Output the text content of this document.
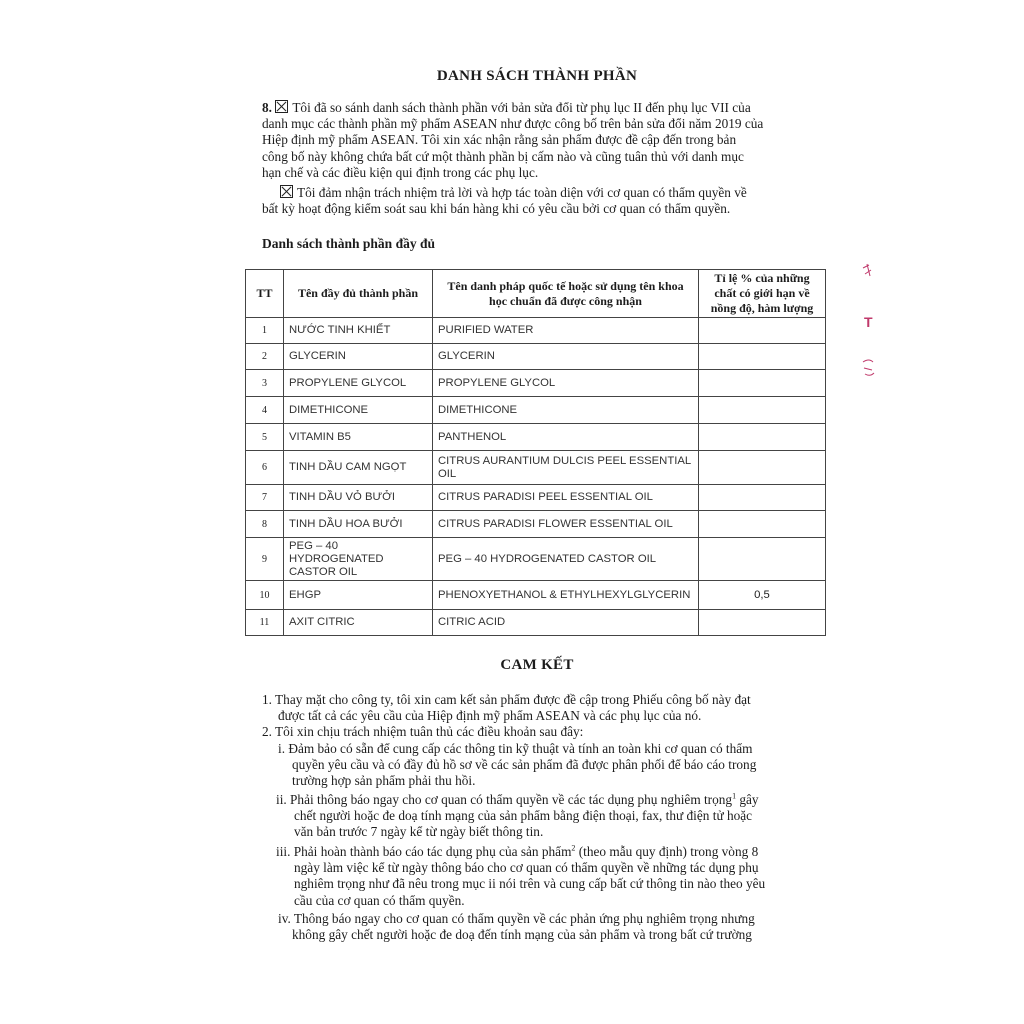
DANH SÁCH THÀNH PHẦN
8. Tôi đã so sánh danh sách thành phần với bản sửa đổi từ phụ lục II đến phụ lục VII của
danh mục các thành phần mỹ phẩm ASEAN như được công bố trên bản sửa đổi năm 2019 của
Hiệp định mỹ phẩm ASEAN. Tôi xin xác nhận rằng sản phẩm được đề cập đến trong bản
công bố này không chứa bất cứ một thành phần bị cấm nào và cũng tuân thủ với danh mục
hạn chế và các điều kiện qui định trong các phụ lục.
Tôi đảm nhận trách nhiệm trả lời và hợp tác toàn diện với cơ quan có thẩm quyền về
bất kỳ hoạt động kiểm soát sau khi bán hàng khi có yêu cầu bởi cơ quan có thẩm quyền.
Danh sách thành phần đầy đủ
TT	Tên đầy đủ thành phần	Tên danh pháp quốc tế hoặc sử dụng tên khoa học chuẩn đã được công nhận	Tỉ lệ % của những chất có giới hạn về nồng độ, hàm lượng
1	NƯỚC TINH KHIẾT	PURIFIED WATER	
2	GLYCERIN	GLYCERIN	
3	PROPYLENE GLYCOL	PROPYLENE GLYCOL	
4	DIMETHICONE	DIMETHICONE	
5	VITAMIN B5	PANTHENOL	
6	TINH DẦU CAM NGỌT	CITRUS AURANTIUM DULCIS PEEL ESSENTIAL OIL	
7	TINH DẦU VỎ BƯỞI	CITRUS PARADISI PEEL ESSENTIAL OIL	
8	TINH DẦU HOA BƯỞI	CITRUS PARADISI FLOWER ESSENTIAL OIL	
9	PEG – 40 HYDROGENATED CASTOR OIL	PEG – 40 HYDROGENATED CASTOR OIL	
10	EHGP	PHENOXYETHANOL & ETHYLHEXYLGLYCERIN	0,5
11	AXIT CITRIC	CITRIC ACID	
CAM KẾT
1. Thay mặt cho công ty, tôi xin cam kết sản phẩm được đề cập trong Phiếu công bố này đạt
được tất cả các yêu cầu của Hiệp định mỹ phẩm ASEAN và các phụ lục của nó.
2. Tôi xin chịu trách nhiệm tuân thủ các điều khoản sau đây:
i. Đảm bảo có sẵn để cung cấp các thông tin kỹ thuật và tính an toàn khi cơ quan có thẩm
quyền yêu cầu và có đầy đủ hồ sơ về các sản phẩm đã được phân phối để báo cáo trong
trường hợp sản phẩm phải thu hồi.
ii. Phải thông báo ngay cho cơ quan có thẩm quyền về các tác dụng phụ nghiêm trọng$^1$ gây
chết người hoặc đe doạ tính mạng của sản phẩm bằng điện thoại, fax, thư điện tử hoặc
văn bản trước 7 ngày kể từ ngày biết thông tin.
iii. Phải hoàn thành báo cáo tác dụng phụ của sản phẩm$^2$ (theo mẫu quy định) trong vòng 8
ngày làm việc kể từ ngày thông báo cho cơ quan có thẩm quyền về những tác dụng phụ
nghiêm trọng như đã nêu trong mục ii nói trên và cung cấp bất cứ thông tin nào theo yêu
cầu của cơ quan có thẩm quyền.
iv. Thông báo ngay cho cơ quan có thẩm quyền về các phản ứng phụ nghiêm trọng nhưng
không gây chết người hoặc đe doạ đến tính mạng của sản phẩm và trong bất cứ trường
T
